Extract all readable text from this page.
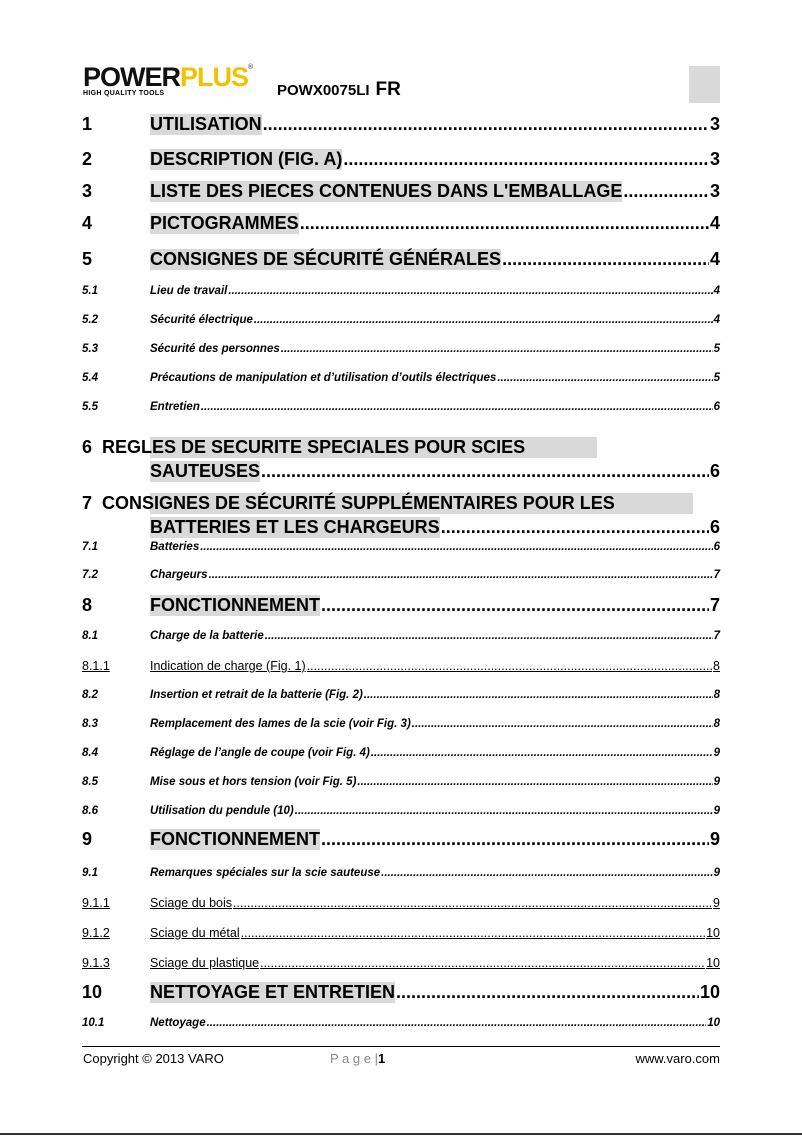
POWERPLUS®
HIGH QUALITY TOOLS	POWX0075LI FR
1	UTILISATION .....	3
2	DESCRIPTION (FIG. A) .....	3
3	LISTE DES PIECES CONTENUES DANS L'EMBALLAGE .....	3
4	PICTOGRAMMES .....	4
5	CONSIGNES DE SÉCURITÉ GÉNÉRALES .....	4
5.1	Lieu de travail .....	4
5.2	Sécurité électrique .....	4
5.3	Sécurité des personnes .....	5
5.4	Précautions de manipulation et d’utilisation d’outils électriques .....	5
5.5	Entretien .....	6
6 REGLES DE SECURITE SPECIALES POUR SCIES
SAUTEUSES .....	6
7 CONSIGNES DE SÉCURITÉ SUPPLÉMENTAIRES POUR LES
BATTERIES ET LES CHARGEURS .....	6
7.1	Batteries .....	6
7.2	Chargeurs .....	7
8	FONCTIONNEMENT .....	7
8.1	Charge de la batterie .....	7
8.1.1	Indication de charge (Fig. 1) .....	8
8.2	Insertion et retrait de la batterie (Fig. 2) .....	8
8.3	Remplacement des lames de la scie (voir Fig. 3) .....	8
8.4	Réglage de l’angle de coupe (voir Fig. 4) .....	9
8.5	Mise sous et hors tension (voir Fig. 5) .....	9
8.6	Utilisation du pendule (10) .....	9
9	FONCTIONNEMENT .....	9
9.1	Remarques spéciales sur la scie sauteuse .....	9
9.1.1	Sciage du bois .....	9
9.1.2	Sciage du métal .....	10
9.1.3	Sciage du plastique .....	10
10	NETTOYAGE ET ENTRETIEN .....	10
10.1	Nettoyage .....	10
Copyright © 2013 VARO	P a g e |1	www.varo.com
